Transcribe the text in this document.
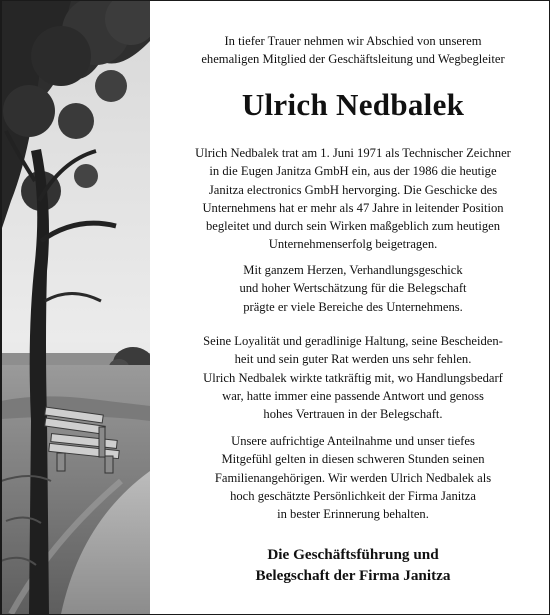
In tiefer Trauer nehmen wir Abschied von unserem
ehemaligen Mitglied der Geschäftsleitung und Wegbegleiter
Ulrich Nedbalek
Ulrich Nedbalek trat am 1. Juni 1971 als Technischer Zeichner
in die Eugen Janitza GmbH ein, aus der 1986 die heutige
Janitza electronics GmbH hervorging. Die Geschicke des
Unternehmens hat er mehr als 47 Jahre in leitender Position
begleitet und durch sein Wirken maßgeblich zum heutigen
Unternehmenserfolg beigetragen.
Mit ganzem Herzen, Verhandlungsgeschick
und hoher Wertschätzung für die Belegschaft
prägte er viele Bereiche des Unternehmens.
Seine Loyalität und geradlinige Haltung, seine Bescheiden-
heit und sein guter Rat werden uns sehr fehlen.
Ulrich Nedbalek wirkte tatkräftig mit, wo Handlungsbedarf
war, hatte immer eine passende Antwort und genoss
hohes Vertrauen in der Belegschaft.
Unsere aufrichtige Anteilnahme und unser tiefes
Mitgefühl gelten in diesen schweren Stunden seinen
Familienangehörigen. Wir werden Ulrich Nedbalek als
hoch geschätzte Persönlichkeit der Firma Janitza
in bester Erinnerung behalten.
Die Geschäftsführung und
Belegschaft der Firma Janitza
